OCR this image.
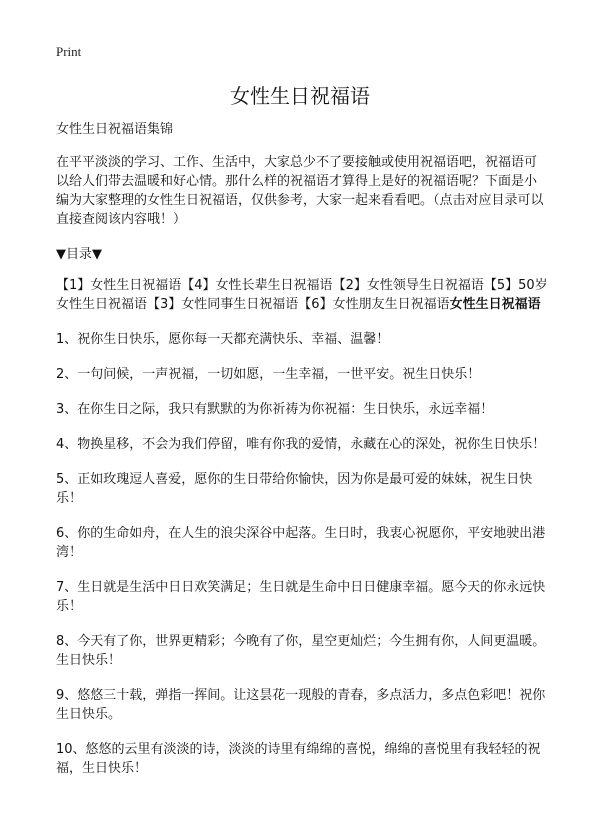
Print
女性生日祝福语

女性生日祝福语集锦

在平平淡淡的学习、工作、生活中，大家总少不了要接触或使用祝福语吧，祝福语可以给人们带去温暖和好心情。那什么样的祝福语才算得上是好的祝福语呢？下面是小编为大家整理的女性生日祝福语，仅供参考，大家一起来看看吧。（点击对应目录可以直接查阅该内容哦！）

▼目录▼

【1】女性生日祝福语【4】女性长辈生日祝福语【2】女性领导生日祝福语【5】50岁女性生日祝福语【3】女性同事生日祝福语【6】女性朋友生日祝福语女性生日祝福语

1、祝你生日快乐，愿你每一天都充满快乐、幸福、温馨！

2、一句问候，一声祝福，一切如愿，一生幸福，一世平安。祝生日快乐！

3、在你生日之际，我只有默默的为你祈祷为你祝福：生日快乐，永远幸福！

4、物换星移，不会为我们停留，唯有你我的爱情，永藏在心的深处，祝你生日快乐！

5、正如玫瑰逗人喜爱，愿你的生日带给你愉快，因为你是最可爱的妹妹，祝生日快乐！

6、你的生命如舟，在人生的浪尖深谷中起落。生日时，我衷心祝愿你，平安地驶出港湾！

7、生日就是生活中日日欢笑满足；生日就是生命中日日健康幸福。愿今天的你永远快乐！

8、今天有了你，世界更精彩；今晚有了你，星空更灿烂；今生拥有你，人间更温暖。生日快乐！

9、悠悠三十载，弹指一挥间。让这昙花一现般的青春，多点活力，多点色彩吧！祝你生日快乐。

10、悠悠的云里有淡淡的诗，淡淡的诗里有绵绵的喜悦，绵绵的喜悦里有我轻轻的祝福，生日快乐！
